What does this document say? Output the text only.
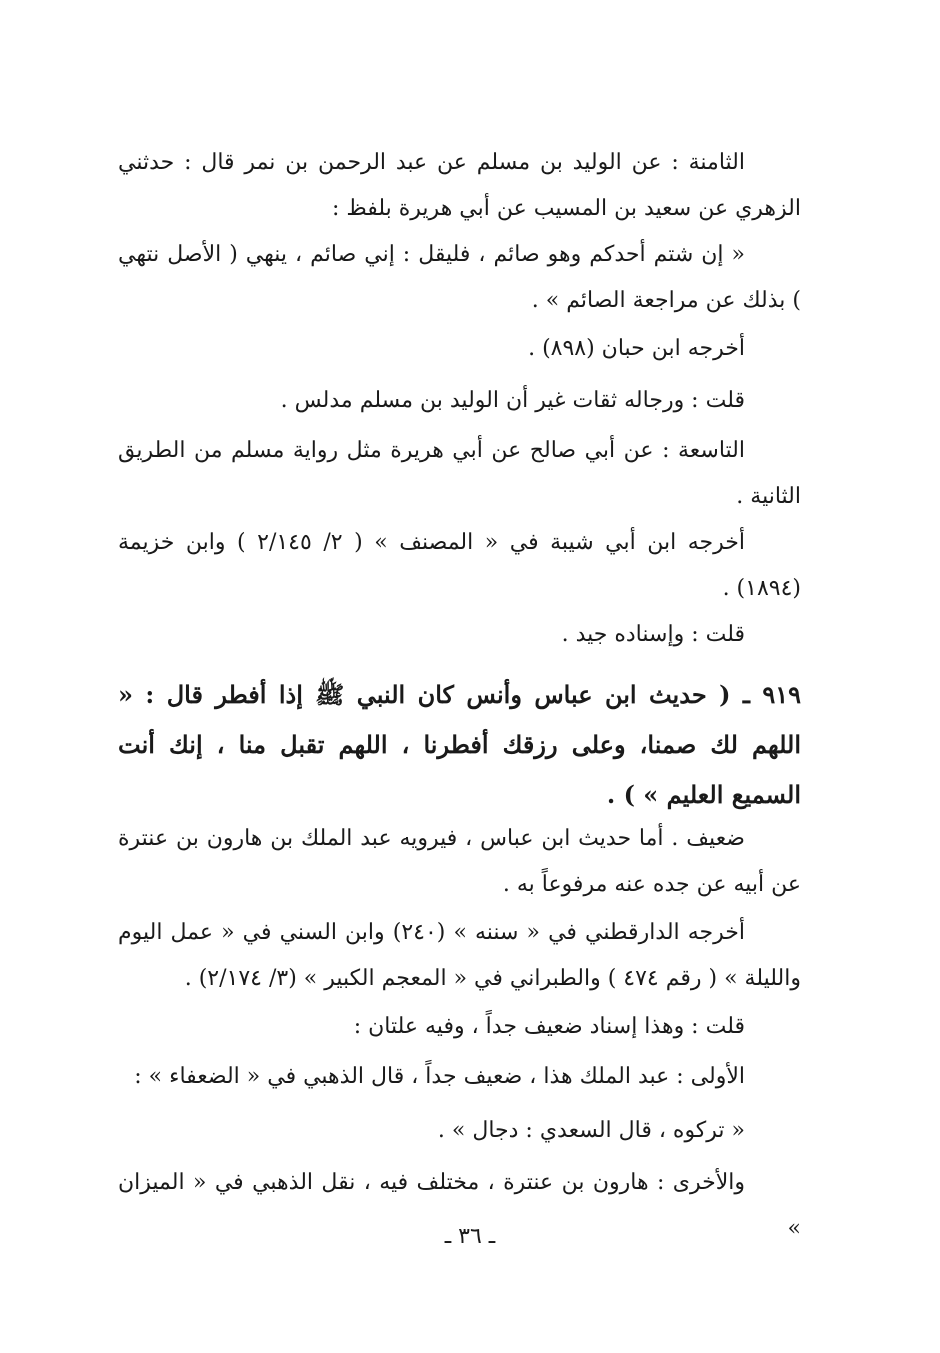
الثامنة : عن الوليد بن مسلم عن عبد الرحمن بن نمر قال : حدثني الزهري عن سعيد بن المسيب عن أبي هريرة بلفظ :

« إن شتم أحدكم وهو صائم ، فليقل : إني صائم ، ينهي ( الأصل نتهي ) بذلك عن مراجعة الصائم » .

أخرجه ابن حبان (٨٩٨) .

قلت : ورجاله ثقات غير أن الوليد بن مسلم مدلس .

التاسعة : عن أبي صالح عن أبي هريرة مثل رواية مسلم من الطريق الثانية .

أخرجه ابن أبي شيبة في « المصنف » ( ٢/ ٢/١٤٥ ) وابن خزيمة (١٨٩٤) .

قلت : وإسناده جيد .

٩١٩ ـ ( حديث ابن عباس وأنس كان النبي ﷺ إذا أفطر قال : « اللهم لك صمنا، وعلى رزقك أفطرنا ، اللهم تقبل منا ، إنك أنت السميع العليم » ) .

ضعيف . أما حديث ابن عباس ، فيرويه عبد الملك بن هارون بن عنترة عن أبيه عن جده عنه مرفوعاً به .

أخرجه الدارقطني في « سننه » (٢٤٠) وابن السني في « عمل اليوم والليلة » ( رقم ٤٧٤ ) والطبراني في « المعجم الكبير » (٣/ ٢/١٧٤) .

قلت : وهذا إسناد ضعيف جداً ، وفيه علتان :

الأولى : عبد الملك هذا ، ضعيف جداً ، قال الذهبي في « الضعفاء » :

« تركوه ، قال السعدي : دجال » .

والأخرى : هارون بن عنترة ، مختلف فيه ، نقل الذهبي في « الميزان »

ـ ٣٦ ـ
